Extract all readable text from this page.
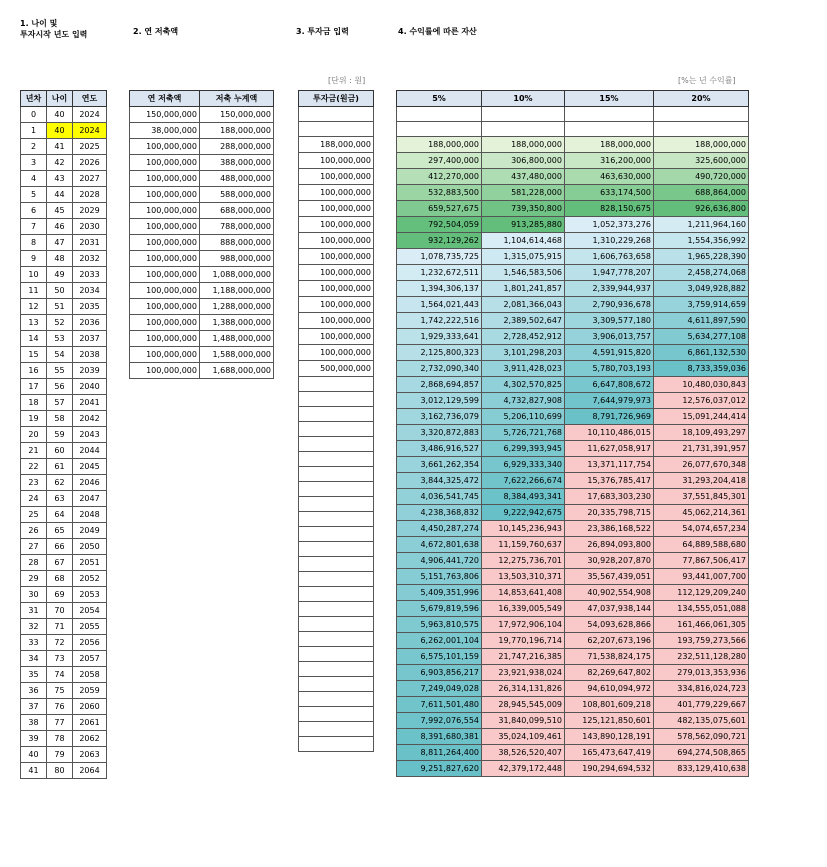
1. 나이 및
투자시작 년도 입력	2. 연 저축액	3. 투자금 입력	4. 수익률에 따른 자산
[단위 : 원]	[%는 년 수익률]
년차	나이	연도
0	40	2024
1	40	2024
2	41	2025
3	42	2026
4	43	2027
5	44	2028
6	45	2029
7	46	2030
8	47	2031
9	48	2032
10	49	2033
11	50	2034
12	51	2035
13	52	2036
14	53	2037
15	54	2038
16	55	2039
17	56	2040
18	57	2041
19	58	2042
20	59	2043
21	60	2044
22	61	2045
23	62	2046
24	63	2047
25	64	2048
26	65	2049
27	66	2050
28	67	2051
29	68	2052
30	69	2053
31	70	2054
32	71	2055
33	72	2056
34	73	2057
35	74	2058
36	75	2059
37	76	2060
38	77	2061
39	78	2062
40	79	2063
41	80	2064
연 저축액	저축 누계액
150,000,000	150,000,000
38,000,000	188,000,000
100,000,000	288,000,000
100,000,000	388,000,000
100,000,000	488,000,000
100,000,000	588,000,000
100,000,000	688,000,000
100,000,000	788,000,000
100,000,000	888,000,000
100,000,000	988,000,000
100,000,000	1,088,000,000
100,000,000	1,188,000,000
100,000,000	1,288,000,000
100,000,000	1,388,000,000
100,000,000	1,488,000,000
100,000,000	1,588,000,000
100,000,000	1,688,000,000
투자금(원금)

188,000,000
100,000,000
100,000,000
100,000,000
100,000,000
100,000,000
100,000,000
100,000,000
100,000,000
100,000,000
100,000,000
100,000,000
100,000,000
100,000,000
500,000,000

5%	10%	15%	20%

188,000,000	188,000,000	188,000,000	188,000,000
297,400,000	306,800,000	316,200,000	325,600,000
412,270,000	437,480,000	463,630,000	490,720,000
532,883,500	581,228,000	633,174,500	688,864,000
659,527,675	739,350,800	828,150,675	926,636,800
792,504,059	913,285,880	1,052,373,276	1,211,964,160
932,129,262	1,104,614,468	1,310,229,268	1,554,356,992
1,078,735,725	1,315,075,915	1,606,763,658	1,965,228,390
1,232,672,511	1,546,583,506	1,947,778,207	2,458,274,068
1,394,306,137	1,801,241,857	2,339,944,937	3,049,928,882
1,564,021,443	2,081,366,043	2,790,936,678	3,759,914,659
1,742,222,516	2,389,502,647	3,309,577,180	4,611,897,590
1,929,333,641	2,728,452,912	3,906,013,757	5,634,277,108
2,125,800,323	3,101,298,203	4,591,915,820	6,861,132,530
2,732,090,340	3,911,428,023	5,780,703,193	8,733,359,036
2,868,694,857	4,302,570,825	6,647,808,672	10,480,030,843
3,012,129,599	4,732,827,908	7,644,979,973	12,576,037,012
3,162,736,079	5,206,110,699	8,791,726,969	15,091,244,414
3,320,872,883	5,726,721,768	10,110,486,015	18,109,493,297
3,486,916,527	6,299,393,945	11,627,058,917	21,731,391,957
3,661,262,354	6,929,333,340	13,371,117,754	26,077,670,348
3,844,325,472	7,622,266,674	15,376,785,417	31,293,204,418
4,036,541,745	8,384,493,341	17,683,303,230	37,551,845,301
4,238,368,832	9,222,942,675	20,335,798,715	45,062,214,361
4,450,287,274	10,145,236,943	23,386,168,522	54,074,657,234
4,672,801,638	11,159,760,637	26,894,093,800	64,889,588,680
4,906,441,720	12,275,736,701	30,928,207,870	77,867,506,417
5,151,763,806	13,503,310,371	35,567,439,051	93,441,007,700
5,409,351,996	14,853,641,408	40,902,554,908	112,129,209,240
5,679,819,596	16,339,005,549	47,037,938,144	134,555,051,088
5,963,810,575	17,972,906,104	54,093,628,866	161,466,061,305
6,262,001,104	19,770,196,714	62,207,673,196	193,759,273,566
6,575,101,159	21,747,216,385	71,538,824,175	232,511,128,280
6,903,856,217	23,921,938,024	82,269,647,802	279,013,353,936
7,249,049,028	26,314,131,826	94,610,094,972	334,816,024,723
7,611,501,480	28,945,545,009	108,801,609,218	401,779,229,667
7,992,076,554	31,840,099,510	125,121,850,601	482,135,075,601
8,391,680,381	35,024,109,461	143,890,128,191	578,562,090,721
8,811,264,400	38,526,520,407	165,473,647,419	694,274,508,865
9,251,827,620	42,379,172,448	190,294,694,532	833,129,410,638
